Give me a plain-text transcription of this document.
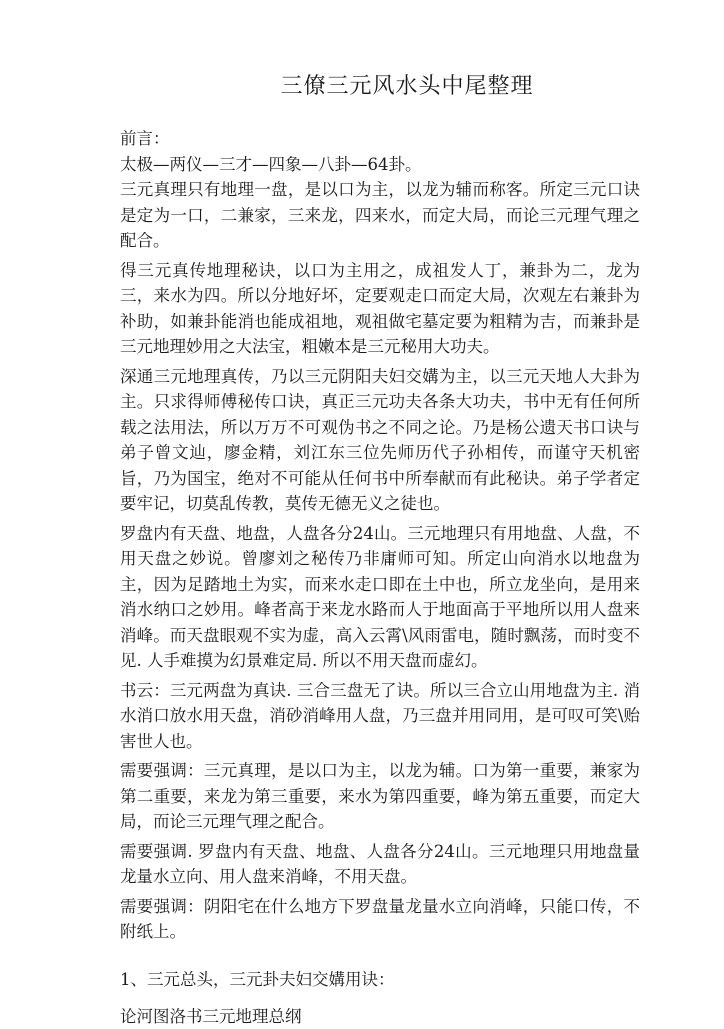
三僚三元风水头中尾整理

前言：

太极—两仪—三才—四象—八卦—64卦。

三元真理只有地理一盘，是以口为主，以龙为辅而称客。所定三元口诀是定为一口，二兼家，三来龙，四来水，而定大局，而论三元理气理之配合。

得三元真传地理秘诀，以口为主用之，成祖发人丁，兼卦为二，龙为三，来水为四。所以分地好坏，定要观走口而定大局，次观左右兼卦为补助，如兼卦能消也能成祖地，观祖做宅墓定要为粗精为吉，而兼卦是三元地理妙用之大法宝，粗嫩本是三元秘用大功夫。

深通三元地理真传，乃以三元阴阳夫妇交媾为主，以三元天地人大卦为主。只求得师傅秘传口诀，真正三元功夫各条大功夫，书中无有任何所载之法用法，所以万万不可观伪书之不同之论。乃是杨公遗天书口诀与弟子曾文辿，廖金精，刘江东三位先师历代子孙相传，而谨守天机密旨，乃为国宝，绝对不可能从任何书中所奉献而有此秘诀。弟子学者定要牢记，切莫乱传教，莫传无德无义之徒也。

罗盘内有天盘、地盘，人盘各分24山。三元地理只有用地盘、人盘，不用天盘之妙说。曾廖刘之秘传乃非庸师可知。所定山向消水以地盘为主，因为足踏地土为实，而来水走口即在土中也，所立龙坐向，是用来消水纳口之妙用。峰者高于来龙水路而人于地面高于平地所以用人盘来消峰。而天盘眼观不实为虚，高入云霄\风雨雷电，随时飘荡，而时变不见. 人手难摸为幻景难定局. 所以不用天盘而虚幻。

书云：三元两盘为真诀. 三合三盘无了诀。所以三合立山用地盘为主. 消水消口放水用天盘，消砂消峰用人盘，乃三盘并用同用，是可叹可笑\贻害世人也。

需要强调：三元真理，是以口为主，以龙为辅。口为第一重要，兼家为第二重要，来龙为第三重要，来水为第四重要，峰为第五重要，而定大局，而论三元理气理之配合。

需要强调. 罗盘内有天盘、地盘、人盘各分24山。三元地理只用地盘量龙量水立向、用人盘来消峰，不用天盘。

需要强调：阴阳宅在什么地方下罗盘量龙量水立向消峰，只能口传，不附纸上。

1、三元总头，三元卦夫妇交媾用诀：

论河图洛书三元地理总纲
